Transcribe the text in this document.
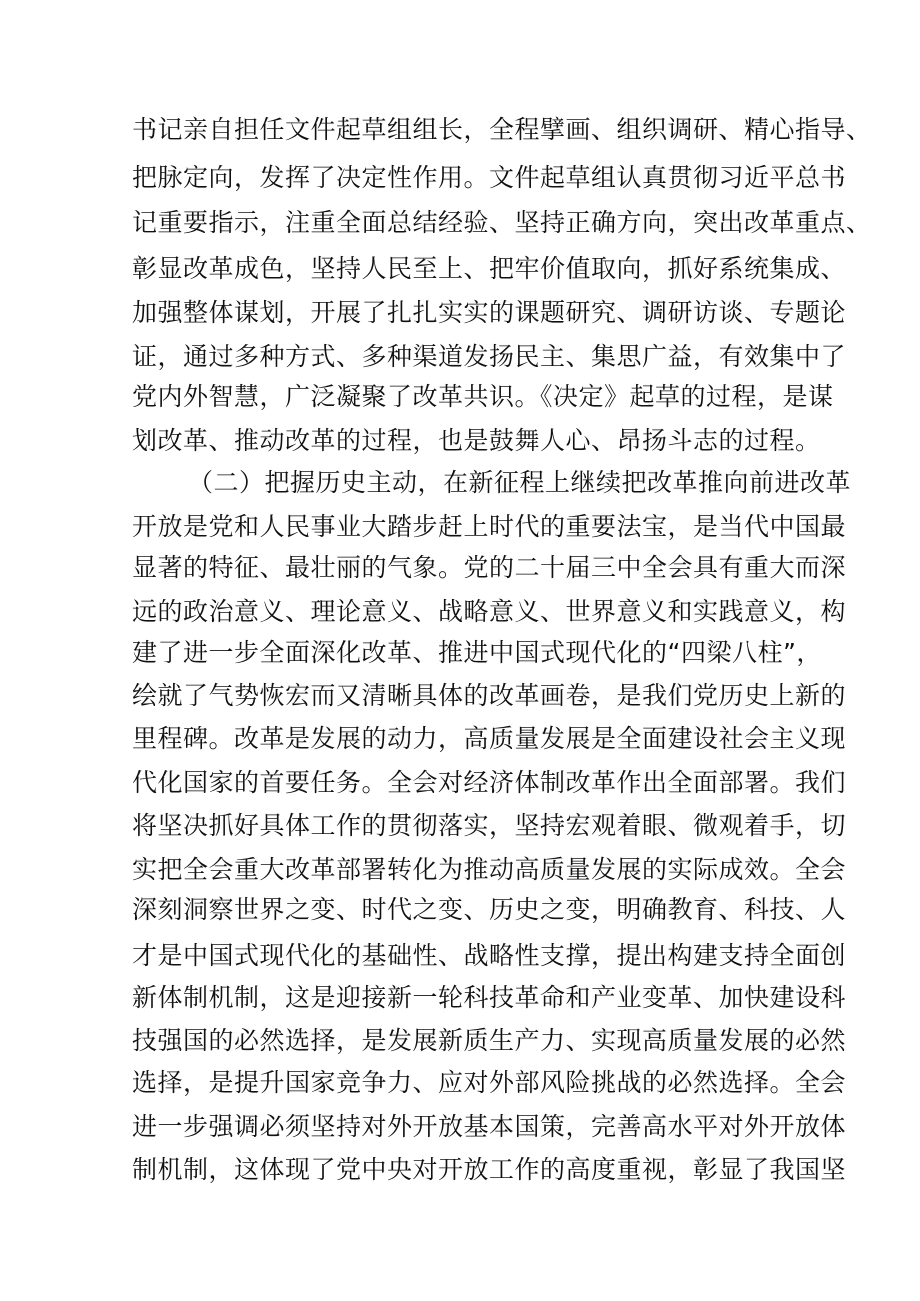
书记亲自担任文件起草组组长，全程擘画、组织调研、精心指导、
把脉定向，发挥了决定性作用。文件起草组认真贯彻习近平总书
记重要指示，注重全面总结经验、坚持正确方向，突出改革重点、
彰显改革成色，坚持人民至上、把牢价值取向，抓好系统集成、
加强整体谋划，开展了扎扎实实的课题研究、调研访谈、专题论
证，通过多种方式、多种渠道发扬民主、集思广益，有效集中了
党内外智慧，广泛凝聚了改革共识。《决定》起草的过程，是谋
划改革、推动改革的过程，也是鼓舞人心、昂扬斗志的过程。
（二）把握历史主动，在新征程上继续把改革推向前进改革
开放是党和人民事业大踏步赶上时代的重要法宝，是当代中国最
显著的特征、最壮丽的气象。党的二十届三中全会具有重大而深
远的政治意义、理论意义、战略意义、世界意义和实践意义，构
建了进一步全面深化改革、推进中国式现代化的“四梁八柱”，
绘就了气势恢宏而又清晰具体的改革画卷，是我们党历史上新的
里程碑。改革是发展的动力，高质量发展是全面建设社会主义现
代化国家的首要任务。全会对经济体制改革作出全面部署。我们
将坚决抓好具体工作的贯彻落实，坚持宏观着眼、微观着手，切
实把全会重大改革部署转化为推动高质量发展的实际成效。全会
深刻洞察世界之变、时代之变、历史之变，明确教育、科技、人
才是中国式现代化的基础性、战略性支撑，提出构建支持全面创
新体制机制，这是迎接新一轮科技革命和产业变革、加快建设科
技强国的必然选择，是发展新质生产力、实现高质量发展的必然
选择，是提升国家竞争力、应对外部风险挑战的必然选择。全会
进一步强调必须坚持对外开放基本国策，完善高水平对外开放体
制机制，这体现了党中央对开放工作的高度重视，彰显了我国坚
